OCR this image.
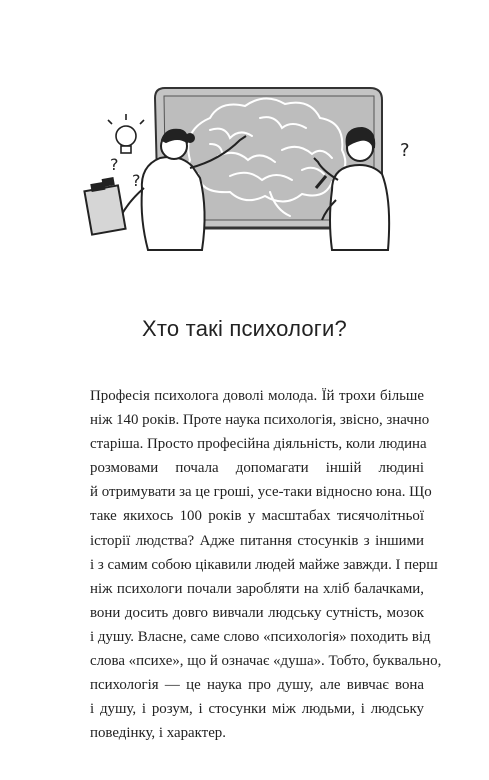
?
?
?
Хто такі психологи?
Професія психолога доволі молода. Їй трохи більше
ніж 140 років. Проте наука психологія, звісно, значно
старіша. Просто професійна діяльність, коли людина
розмовами почала допомагати іншій людині
й отримувати за це гроші, усе-таки відносно юна. Що
таке якихось 100 років у масштабах тисячолітньої
історії людства? Адже питання стосунків з іншими
і з самим собою цікавили людей майже завжди. І перш
ніж психологи почали заробляти на хліб балачками,
вони досить довго вивчали людську сутність, мозок
і душу. Власне, саме слово «психологія» походить від
слова «психе», що й означає «душа». Тобто, буквально,
психологія — це наука про душу, але вивчає вона
і душу, і розум, і стосунки між людьми, і людську
поведінку, і характер.
